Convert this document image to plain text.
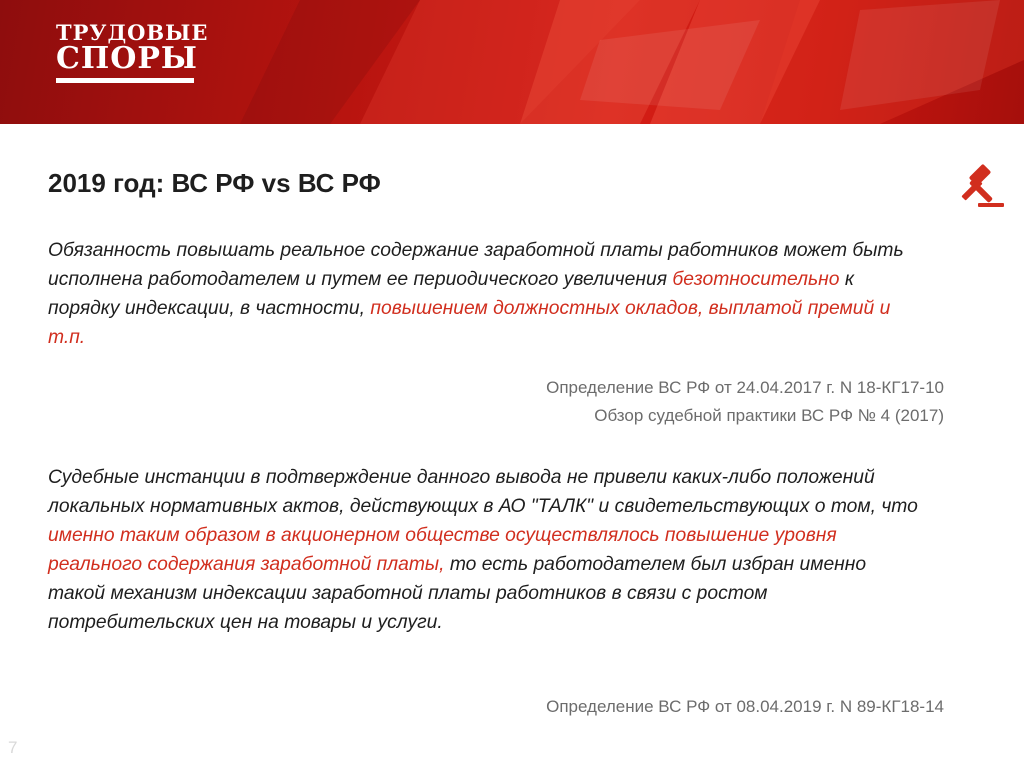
ТРУДОВЫЕ
СПОРЫ
2019 год: ВС РФ vs ВС РФ
Обязанность повышать реальное содержание заработной платы работников может быть исполнена работодателем и путем ее периодического увеличения безотносительно к порядку индексации, в частности, повышением должностных окладов, выплатой премий и т.п.
Определение ВС РФ от 24.04.2017 г. N 18-КГ17-10
Обзор судебной практики ВС РФ № 4 (2017)
Судебные инстанции в подтверждение данного вывода не привели каких-либо положений локальных нормативных актов, действующих в АО "ТАЛК" и свидетельствующих о том, что именно таким образом в акционерном обществе осуществлялось повышение уровня реального содержания заработной платы, то есть работодателем был избран именно такой механизм индексации заработной платы работников в связи с ростом потребительских цен на товары и услуги.
Определение ВС РФ от 08.04.2019 г. N 89-КГ18-14
7
